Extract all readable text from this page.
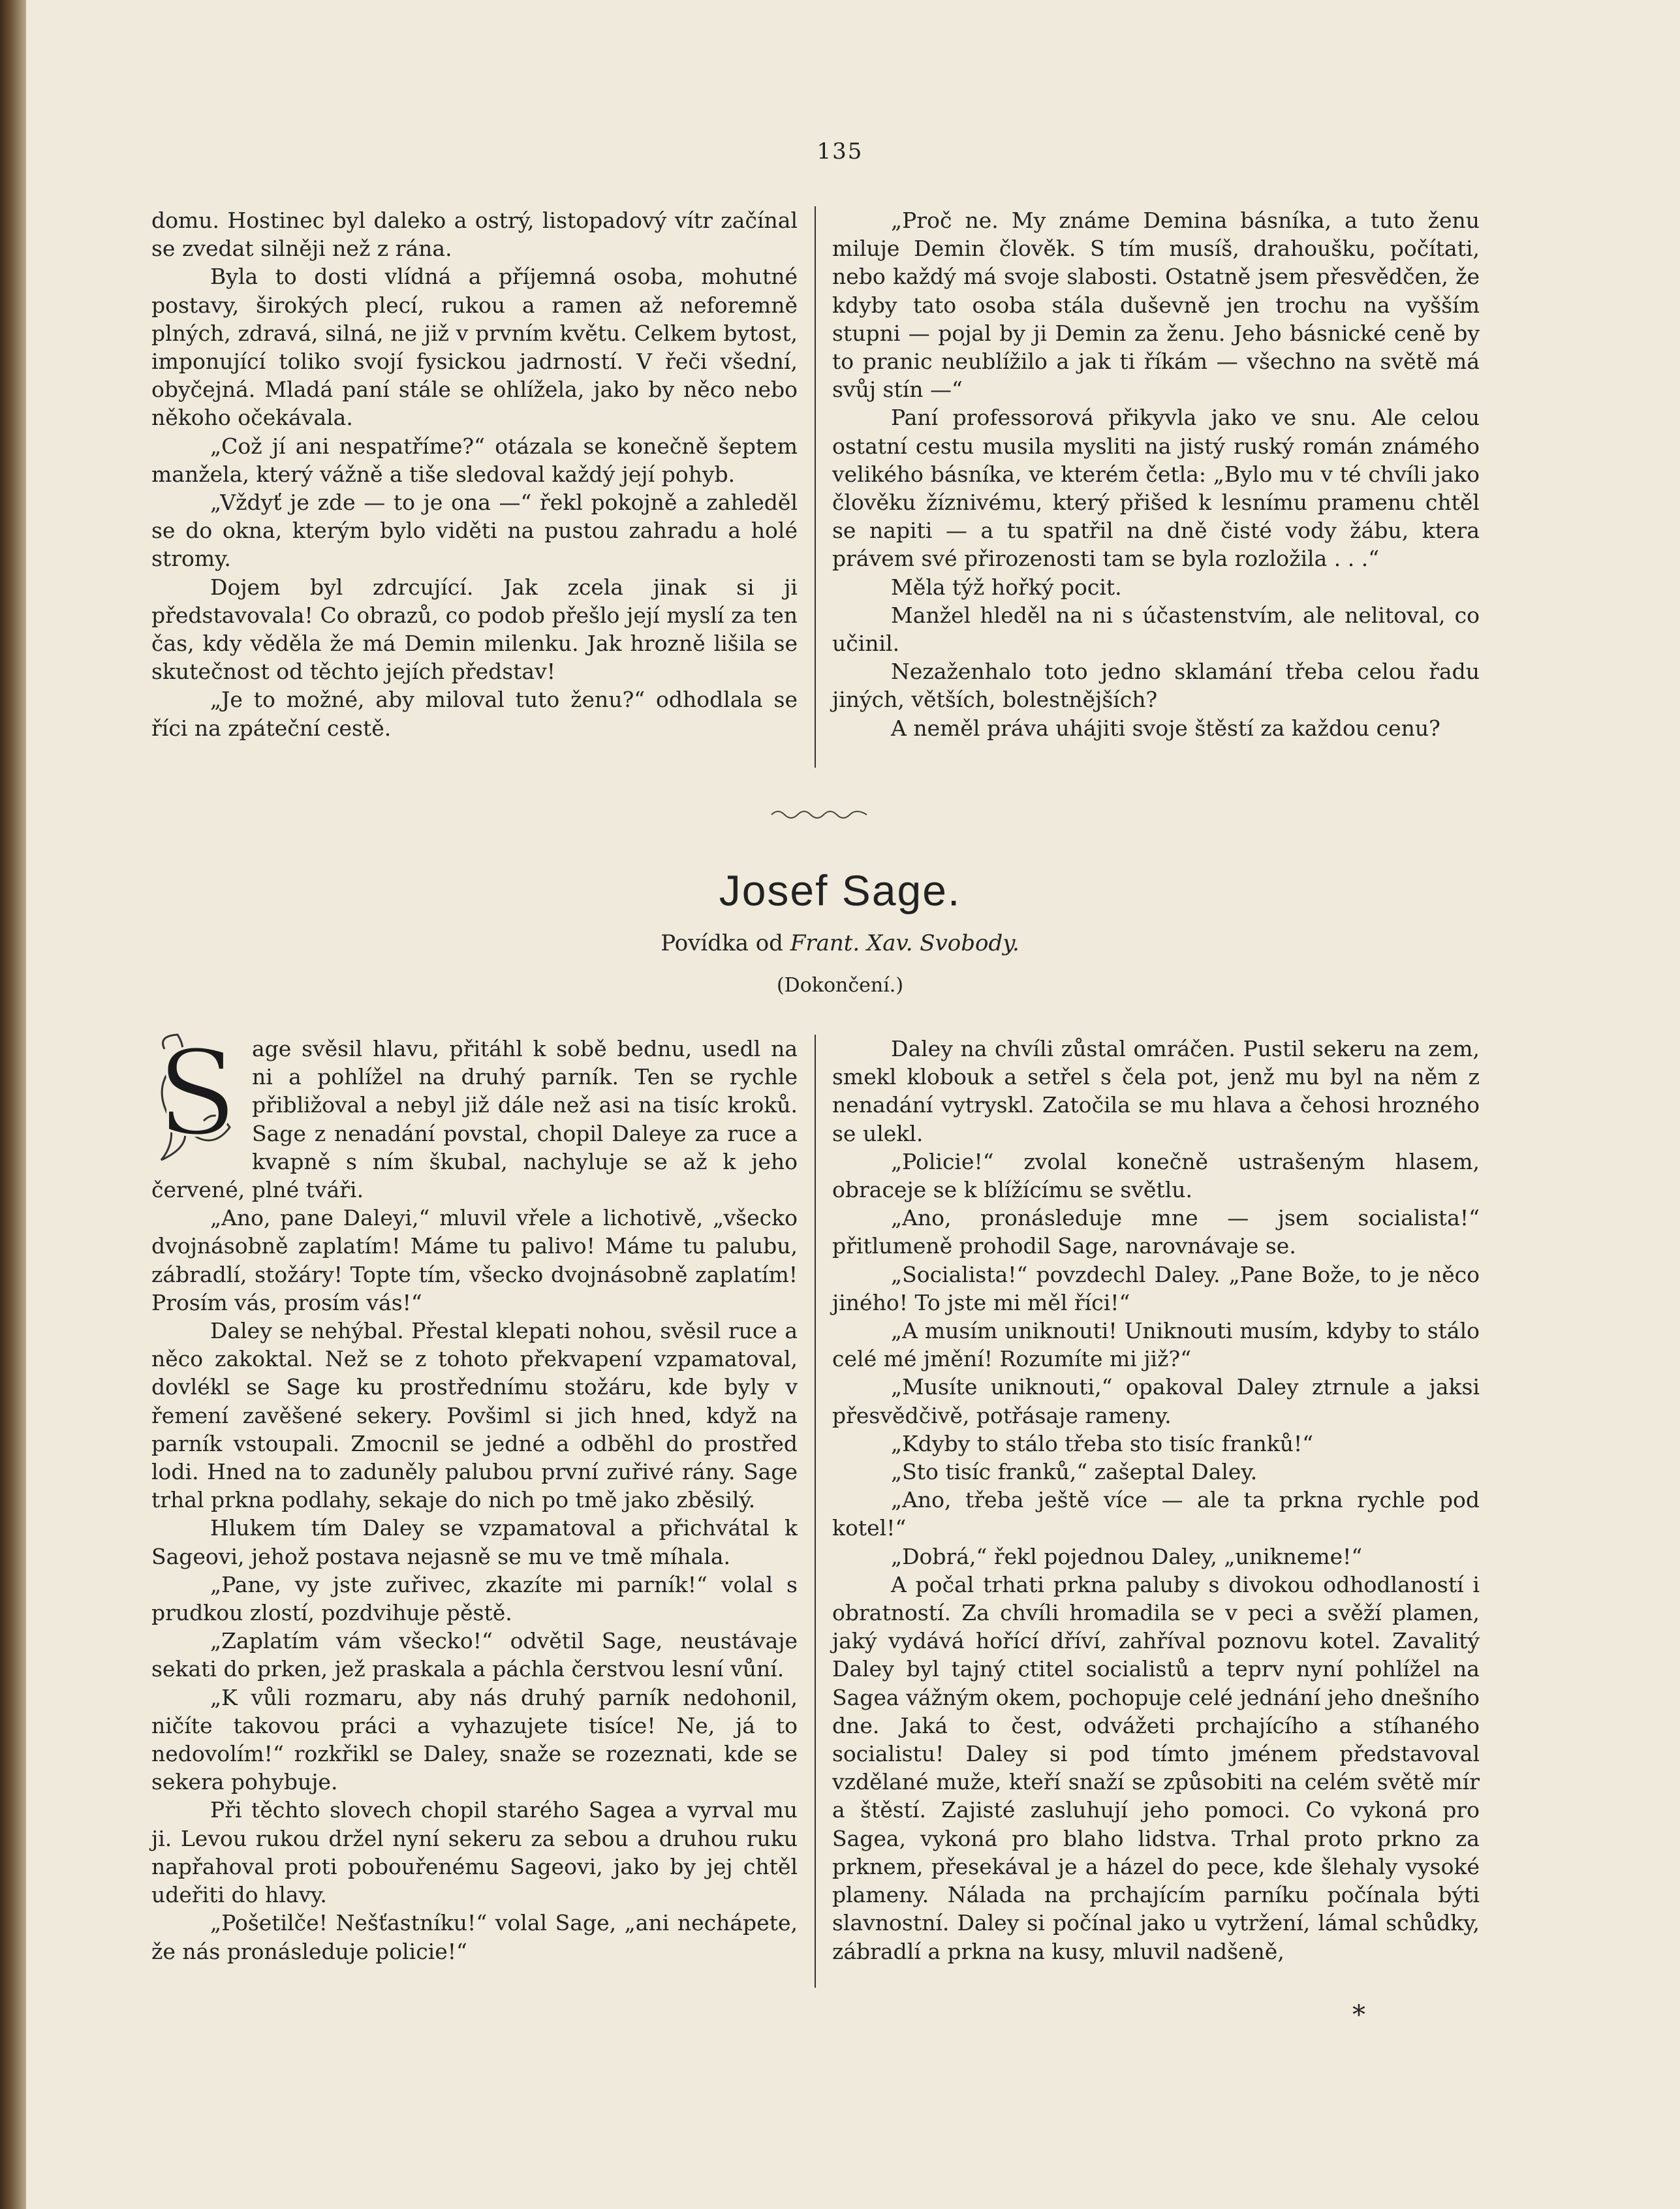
135

domu. Hostinec byl daleko a ostrý, listopadový vítr začínal se zvedat silněji než z rána.

Byla to dosti vlídná a příjemná osoba, mohutné postavy, širokých plecí, rukou a ramen až neforemně plných, zdravá, silná, ne již v prvním květu. Celkem bytost, imponující toliko svojí fysickou jadrností. V řeči všední, obyčejná. Mladá paní stále se ohlížela, jako by něco nebo někoho očekávala.

„Což jí ani nespatříme?“ otázala se konečně šeptem manžela, který vážně a tiše sledoval každý její pohyb.

„Vždyť je zde — to je ona —“ řekl pokojně a zahleděl se do okna, kterým bylo viděti na pustou zahradu a holé stromy.

Dojem byl zdrcující. Jak zcela jinak si ji představovala! Co obrazů, co podob přešlo její myslí za ten čas, kdy věděla že má Demin milenku. Jak hrozně lišila se skutečnost od těchto jejích představ!

„Je to možné, aby miloval tuto ženu?“ odhodlala se říci na zpáteční cestě.

„Proč ne. My známe Demina básníka, a tuto ženu miluje Demin člověk. S tím musíš, drahoušku, počítati, nebo každý má svoje slabosti. Ostatně jsem přesvědčen, že kdyby tato osoba stála duševně jen trochu na vyšším stupni — pojal by ji Demin za ženu. Jeho básnické ceně by to pranic neublížilo a jak ti říkám — všechno na světě má svůj stín —“

Paní professorová přikyvla jako ve snu. Ale celou ostatní cestu musila mysliti na jistý ruský román známého velikého básníka, ve kterém četla: „Bylo mu v té chvíli jako člověku žíznivému, který přišed k lesnímu pramenu chtěl se napiti — a tu spatřil na dně čisté vody žábu, ktera právem své přirozenosti tam se byla rozložila . . .“

Měla týž hořký pocit.

Manžel hleděl na ni s účastenstvím, ale nelitoval, co učinil.

Nezaženhalo toto jedno sklamání třeba celou řadu jiných, větších, bolestnějších?

A neměl práva uhájiti svoje štěstí za každou cenu?

Josef Sage.
Povídka od Frant. Xav. Svobody.
(Dokončení.)

S age svěsil hlavu, přitáhl k sobě bednu, usedl na ni a pohlížel na druhý parník. Ten se rychle přibližoval a nebyl již dále než asi na tisíc kroků. Sage z nenadání povstal, chopil Daleye za ruce a kvapně s ním škubal, nachyluje se až k jeho červené, plné tváři.

„Ano, pane Daleyi,“ mluvil vřele a lichotivě, „všecko dvojnásobně zaplatím! Máme tu palivo! Máme tu palubu, zábradlí, stožáry! Topte tím, všecko dvojnásobně zaplatím! Prosím vás, prosím vás!“

Daley se nehýbal. Přestal klepati nohou, svěsil ruce a něco zakoktal. Než se z tohoto překvapení vzpamatoval, dovlékl se Sage ku prostřednímu stožáru, kde byly v řemení zavěšené sekery. Povšiml si jich hned, když na parník vstoupali. Zmocnil se jedné a odběhl do prostřed lodi. Hned na to zaduněly palubou první zuřivé rány. Sage trhal prkna podlahy, sekaje do nich po tmě jako zběsilý.

Hlukem tím Daley se vzpamatoval a přichvátal k Sageovi, jehož postava nejasně se mu ve tmě míhala.

„Pane, vy jste zuřivec, zkazíte mi parník!“ volal s prudkou zlostí, pozdvihuje pěstě.

„Zaplatím vám všecko!“ odvětil Sage, neustávaje sekati do prken, jež praskala a páchla čerstvou lesní vůní.

„K vůli rozmaru, aby nás druhý parník nedohonil, ničíte takovou práci a vyhazujete tisíce! Ne, já to nedovolím!“ rozkřikl se Daley, snaže se rozeznati, kde se sekera pohybuje.

Při těchto slovech chopil starého Sagea a vyrval mu ji. Levou rukou držel nyní sekeru za sebou a druhou ruku napřahoval proti pobouřenému Sageovi, jako by jej chtěl udeřiti do hlavy.

„Pošetilče! Nešťastníku!“ volal Sage, „ani nechápete, že nás pronásleduje policie!“

Daley na chvíli zůstal omráčen. Pustil sekeru na zem, smekl klobouk a setřel s čela pot, jenž mu byl na něm z nenadání vytryskl. Zatočila se mu hlava a čehosi hrozného se ulekl.

„Policie!“ zvolal konečně ustrašeným hlasem, obraceje se k blížícímu se světlu.

„Ano, pronásleduje mne — jsem socialista!“ přitlumeně prohodil Sage, narovnávaje se.

„Socialista!“ povzdechl Daley. „Pane Bože, to je něco jiného! To jste mi měl říci!“

„A musím uniknouti! Uniknouti musím, kdyby to stálo celé mé jmění! Rozumíte mi již?“

„Musíte uniknouti,“ opakoval Daley ztrnule a jaksi přesvědčivě, potřásaje rameny.

„Kdyby to stálo třeba sto tisíc franků!“

„Sto tisíc franků,“ zašeptal Daley.

„Ano, třeba ještě více — ale ta prkna rychle pod kotel!“

„Dobrá,“ řekl pojednou Daley, „unikneme!“

A počal trhati prkna paluby s divokou odhodlaností i obratností. Za chvíli hromadila se v peci a svěží plamen, jaký vydává hořící dříví, zahříval poznovu kotel. Zavalitý Daley byl tajný ctitel socialistů a teprv nyní pohlížel na Sagea vážným okem, pochopuje celé jednání jeho dnešního dne. Jaká to čest, odvážeti prchajícího a stíhaného socialistu! Daley si pod tímto jménem představoval vzdělané muže, kteří snaží se způsobiti na celém světě mír a štěstí. Zajisté zasluhují jeho pomoci. Co vykoná pro Sagea, vykoná pro blaho lidstva. Trhal proto prkno za prknem, přesekával je a házel do pece, kde šlehaly vysoké plameny. Nálada na prchajícím parníku počínala býti slavnostní. Daley si počínal jako u vytržení, lámal schůdky, zábradlí a prkna na kusy, mluvil nadšeně,

*
